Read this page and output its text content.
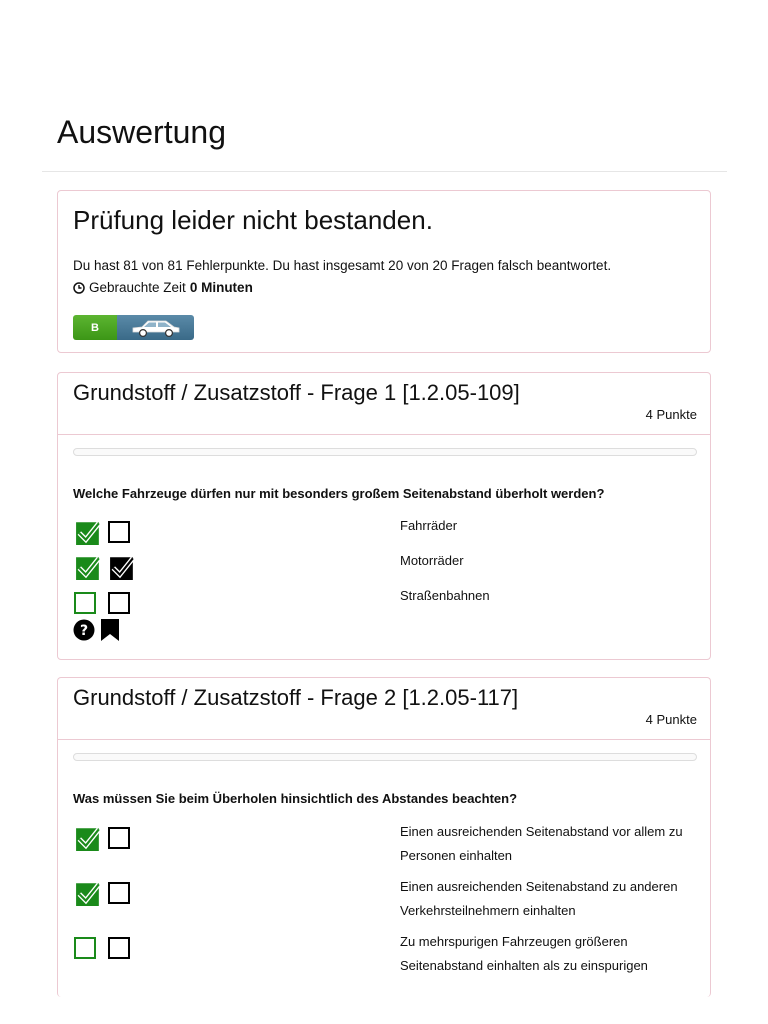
Auswertung
Prüfung leider nicht bestanden.
Du hast 81 von 81 Fehlerpunkte. Du hast insgesamt 20 von 20 Fragen falsch beantwortet.
Gebrauchte Zeit 0 Minuten
B
Grundstoff / Zusatzstoff - Frage 1 [1.2.05-109]
4 Punkte
Welche Fahrzeuge dürfen nur mit besonders großem Seitenabstand überholt werden?
Fahrräder
Motorräder
Straßenbahnen
?
Grundstoff / Zusatzstoff - Frage 2 [1.2.05-117]
4 Punkte
Was müssen Sie beim Überholen hinsichtlich des Abstandes beachten?
Einen ausreichenden Seitenabstand vor allem zu Personen einhalten
Einen ausreichenden Seitenabstand zu anderen Verkehrsteilnehmern einhalten
Zu mehrspurigen Fahrzeugen größeren Seitenabstand einhalten als zu einspurigen
